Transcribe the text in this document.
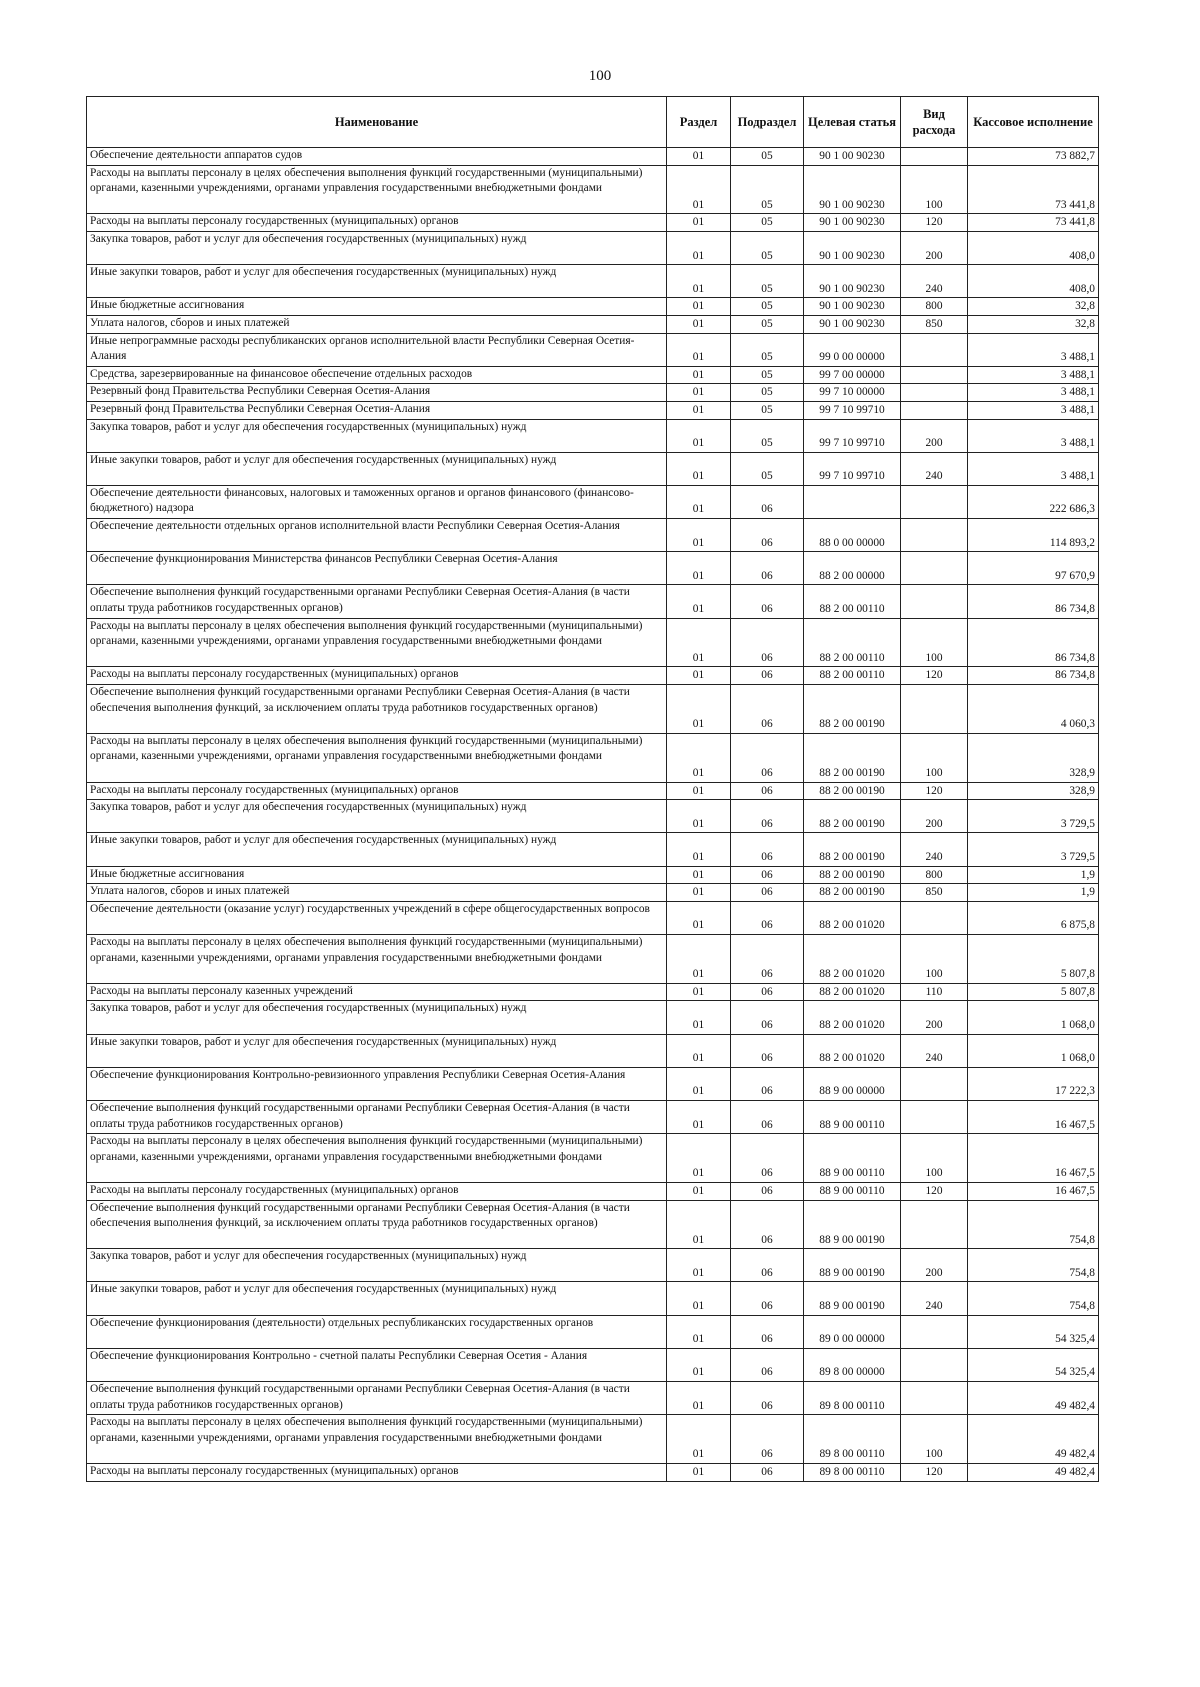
100
Наименование	Раздел	Подраздел	Целевая статья	Вид расхода	Кассовое исполнение
Обеспечение деятельности аппаратов судов	01	05	90 1 00 90230		73 882,7
Расходы на выплаты персоналу в целях обеспечения выполнения функций государственными (муниципальными) органами, казенными учреждениями, органами управления государственными внебюджетными фондами	01	05	90 1 00 90230	100	73 441,8
Расходы на выплаты персоналу государственных (муниципальных) органов	01	05	90 1 00 90230	120	73 441,8
Закупка товаров, работ и услуг для обеспечения государственных (муниципальных) нужд	01	05	90 1 00 90230	200	408,0
Иные закупки товаров, работ и услуг для обеспечения государственных (муниципальных) нужд	01	05	90 1 00 90230	240	408,0
Иные бюджетные ассигнования	01	05	90 1 00 90230	800	32,8
Уплата налогов, сборов и иных платежей	01	05	90 1 00 90230	850	32,8
Иные непрограммные расходы республиканских органов исполнительной власти Республики Северная Осетия-Алания	01	05	99 0 00 00000		3 488,1
Средства, зарезервированные на финансовое обеспечение отдельных расходов	01	05	99 7 00 00000		3 488,1
Резервный фонд Правительства Республики Северная Осетия-Алания	01	05	99 7 10 00000		3 488,1
Резервный фонд Правительства Республики Северная Осетия-Алания	01	05	99 7 10 99710		3 488,1
Закупка товаров, работ и услуг для обеспечения государственных (муниципальных) нужд	01	05	99 7 10 99710	200	3 488,1
Иные закупки товаров, работ и услуг для обеспечения государственных (муниципальных) нужд	01	05	99 7 10 99710	240	3 488,1
Обеспечение деятельности финансовых, налоговых и таможенных органов и органов финансового (финансово-бюджетного) надзора	01	06			222 686,3
Обеспечение деятельности отдельных органов исполнительной власти Республики Северная Осетия-Алания	01	06	88 0 00 00000		114 893,2
Обеспечение функционирования Министерства финансов Республики Северная Осетия-Алания	01	06	88 2 00 00000		97 670,9
Обеспечение выполнения функций государственными органами Республики Северная Осетия-Алания (в части оплаты труда работников государственных органов)	01	06	88 2 00 00110		86 734,8
Расходы на выплаты персоналу в целях обеспечения выполнения функций государственными (муниципальными) органами, казенными учреждениями, органами управления государственными внебюджетными фондами	01	06	88 2 00 00110	100	86 734,8
Расходы на выплаты персоналу государственных (муниципальных) органов	01	06	88 2 00 00110	120	86 734,8
Обеспечение выполнения функций государственными органами Республики Северная Осетия-Алания (в части обеспечения выполнения функций, за исключением оплаты труда работников государственных органов)	01	06	88 2 00 00190		4 060,3
Расходы на выплаты персоналу в целях обеспечения выполнения функций государственными (муниципальными) органами, казенными учреждениями, органами управления государственными внебюджетными фондами	01	06	88 2 00 00190	100	328,9
Расходы на выплаты персоналу государственных (муниципальных) органов	01	06	88 2 00 00190	120	328,9
Закупка товаров, работ и услуг для обеспечения государственных (муниципальных) нужд	01	06	88 2 00 00190	200	3 729,5
Иные закупки товаров, работ и услуг для обеспечения государственных (муниципальных) нужд	01	06	88 2 00 00190	240	3 729,5
Иные бюджетные ассигнования	01	06	88 2 00 00190	800	1,9
Уплата налогов, сборов и иных платежей	01	06	88 2 00 00190	850	1,9
Обеспечение деятельности (оказание услуг) государственных учреждений в сфере общегосударственных вопросов	01	06	88 2 00 01020		6 875,8
Расходы на выплаты персоналу в целях обеспечения выполнения функций государственными (муниципальными) органами, казенными учреждениями, органами управления государственными внебюджетными фондами	01	06	88 2 00 01020	100	5 807,8
Расходы на выплаты персоналу казенных учреждений	01	06	88 2 00 01020	110	5 807,8
Закупка товаров, работ и услуг для обеспечения государственных (муниципальных) нужд	01	06	88 2 00 01020	200	1 068,0
Иные закупки товаров, работ и услуг для обеспечения государственных (муниципальных) нужд	01	06	88 2 00 01020	240	1 068,0
Обеспечение функционирования Контрольно-ревизионного управления Республики Северная Осетия-Алания	01	06	88 9 00 00000		17 222,3
Обеспечение выполнения функций государственными органами Республики Северная Осетия-Алания (в части оплаты труда работников государственных органов)	01	06	88 9 00 00110		16 467,5
Расходы на выплаты персоналу в целях обеспечения выполнения функций государственными (муниципальными) органами, казенными учреждениями, органами управления государственными внебюджетными фондами	01	06	88 9 00 00110	100	16 467,5
Расходы на выплаты персоналу государственных (муниципальных) органов	01	06	88 9 00 00110	120	16 467,5
Обеспечение выполнения функций государственными органами Республики Северная Осетия-Алания (в части обеспечения выполнения функций, за исключением оплаты труда работников государственных органов)	01	06	88 9 00 00190		754,8
Закупка товаров, работ и услуг для обеспечения государственных (муниципальных) нужд	01	06	88 9 00 00190	200	754,8
Иные закупки товаров, работ и услуг для обеспечения государственных (муниципальных) нужд	01	06	88 9 00 00190	240	754,8
Обеспечение функционирования (деятельности) отдельных республиканских государственных органов	01	06	89 0 00 00000		54 325,4
Обеспечение функционирования Контрольно - счетной палаты Республики Северная Осетия - Алания	01	06	89 8 00 00000		54 325,4
Обеспечение выполнения функций государственными органами Республики Северная Осетия-Алания (в части оплаты труда работников государственных органов)	01	06	89 8 00 00110		49 482,4
Расходы на выплаты персоналу в целях обеспечения выполнения функций государственными (муниципальными) органами, казенными учреждениями, органами управления государственными внебюджетными фондами	01	06	89 8 00 00110	100	49 482,4
Расходы на выплаты персоналу государственных (муниципальных) органов	01	06	89 8 00 00110	120	49 482,4
